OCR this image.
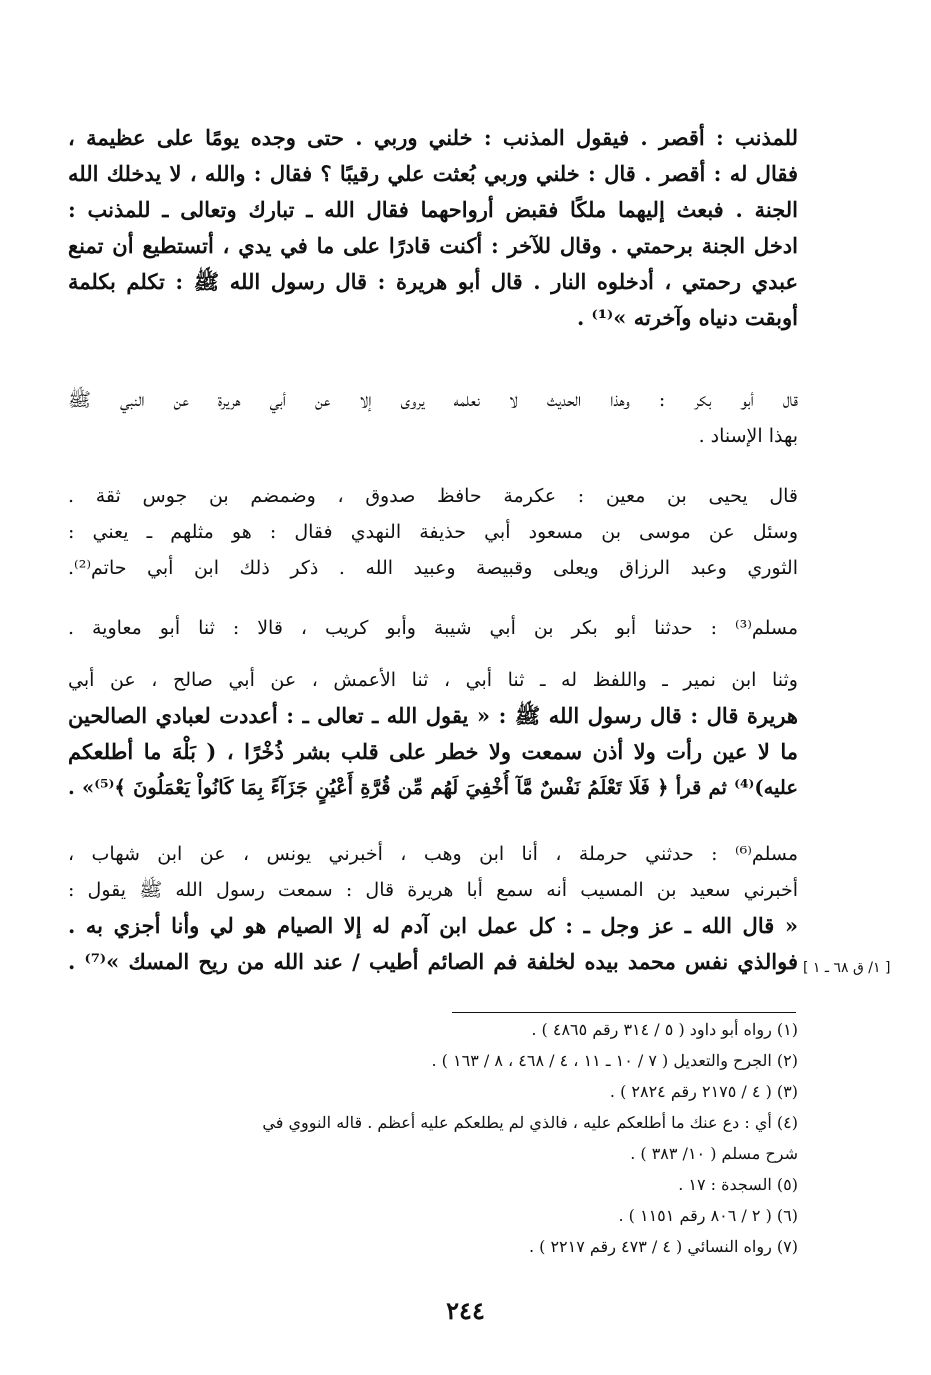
للمذنب : أقصر . فيقول المذنب : خلني وربي . حتى وجده يومًا على عظيمة ،
فقال له : أقصر . قال : خلني وربي بُعثت علي رقيبًا ؟ فقال : والله ، لا يدخلك الله
الجنة . فبعث إليهما ملكًا فقبض أرواحهما فقال الله ـ تبارك وتعالى ـ للمذنب :
ادخل الجنة برحمتي . وقال للآخر : أكنت قادرًا على ما في يدي ، أتستطيع أن تمنع
عبدي رحمتي ، أدخلوه النار . قال أبو هريرة : قال رسول الله ﷺ : تكلم بكلمة
أوبقت دنياه وآخرته »⁽¹⁾ .
قال أبو بكر : وهذا الحديث لا نعلمه يروى إلا عن أبي هريرة عن النبي ﷺ
بهذا الإسناد .
قال يحيى بن معين : عكرمة حافظ صدوق ، وضمضم بن جوس ثقة .
وسئل عن موسى بن مسعود أبي حذيفة النهدي فقال : هو مثلهم ـ يعني :
الثوري وعبد الرزاق ويعلى وقبيصة وعبيد الله . ذكر ذلك ابن أبي حاتم⁽²⁾.
مسلم⁽³⁾ : حدثنا أبو بكر بن أبي شيبة وأبو كريب ، قالا : ثنا أبو معاوية .
وثنا ابن نمير ـ واللفظ له ـ ثنا أبي ، ثنا الأعمش ، عن أبي صالح ، عن أبي
هريرة قال : قال رسول الله ﷺ : « يقول الله ـ تعالى ـ : أعددت لعبادي الصالحين
ما لا عين رأت ولا أذن سمعت ولا خطر على قلب بشر ذُخْرًا ، ( بَلْهَ ما أطلعكم
عليه)⁽⁴⁾ ثم قرأ ﴿ فَلَا تَعْلَمُ نَفْسٌ مَّآ أُخْفِيَ لَهُم مِّن قُرَّةِ أَعْيُنٍ جَزَآءً بِمَا كَانُواْ يَعْمَلُونَ ﴾⁽⁵⁾» .
مسلم⁽⁶⁾ : حدثني حرملة ، أنا ابن وهب ، أخبرني يونس ، عن ابن شهاب ،
أخبرني سعيد بن المسيب أنه سمع أبا هريرة قال : سمعت رسول الله ﷺ يقول :
« قال الله ـ عز وجل ـ : كل عمل ابن آدم له إلا الصيام هو لي وأنا أجزي به .
فوالذي نفس محمد بيده لخلفة فم الصائم أطيب / عند الله من ريح المسك »⁽⁷⁾ . [ ١/ ق ٦٨ ـ ١ ]
(١) رواه أبو داود ( ٥ / ٣١٤ رقم ٤٨٦٥ ) .
(٢) الجرح والتعديل ( ٧ / ١٠ ـ ١١ ، ٤ / ٤٦٨ ، ٨ / ١٦٣ ) .
(٣) ( ٤ / ٢١٧٥ رقم ٢٨٢٤ ) .
(٤) أي : دع عنك ما أطلعكم عليه ، فالذي لم يطلعكم عليه أعظم . قاله النووي في
شرح مسلم ( ١٠/ ٣٨٣ ) .
(٥) السجدة : ١٧ .
(٦) ( ٢ / ٨٠٦ رقم ١١٥١ ) .
(٧) رواه النسائي ( ٤ / ٤٧٣ رقم ٢٢١٧ ) .
٢٤٤
